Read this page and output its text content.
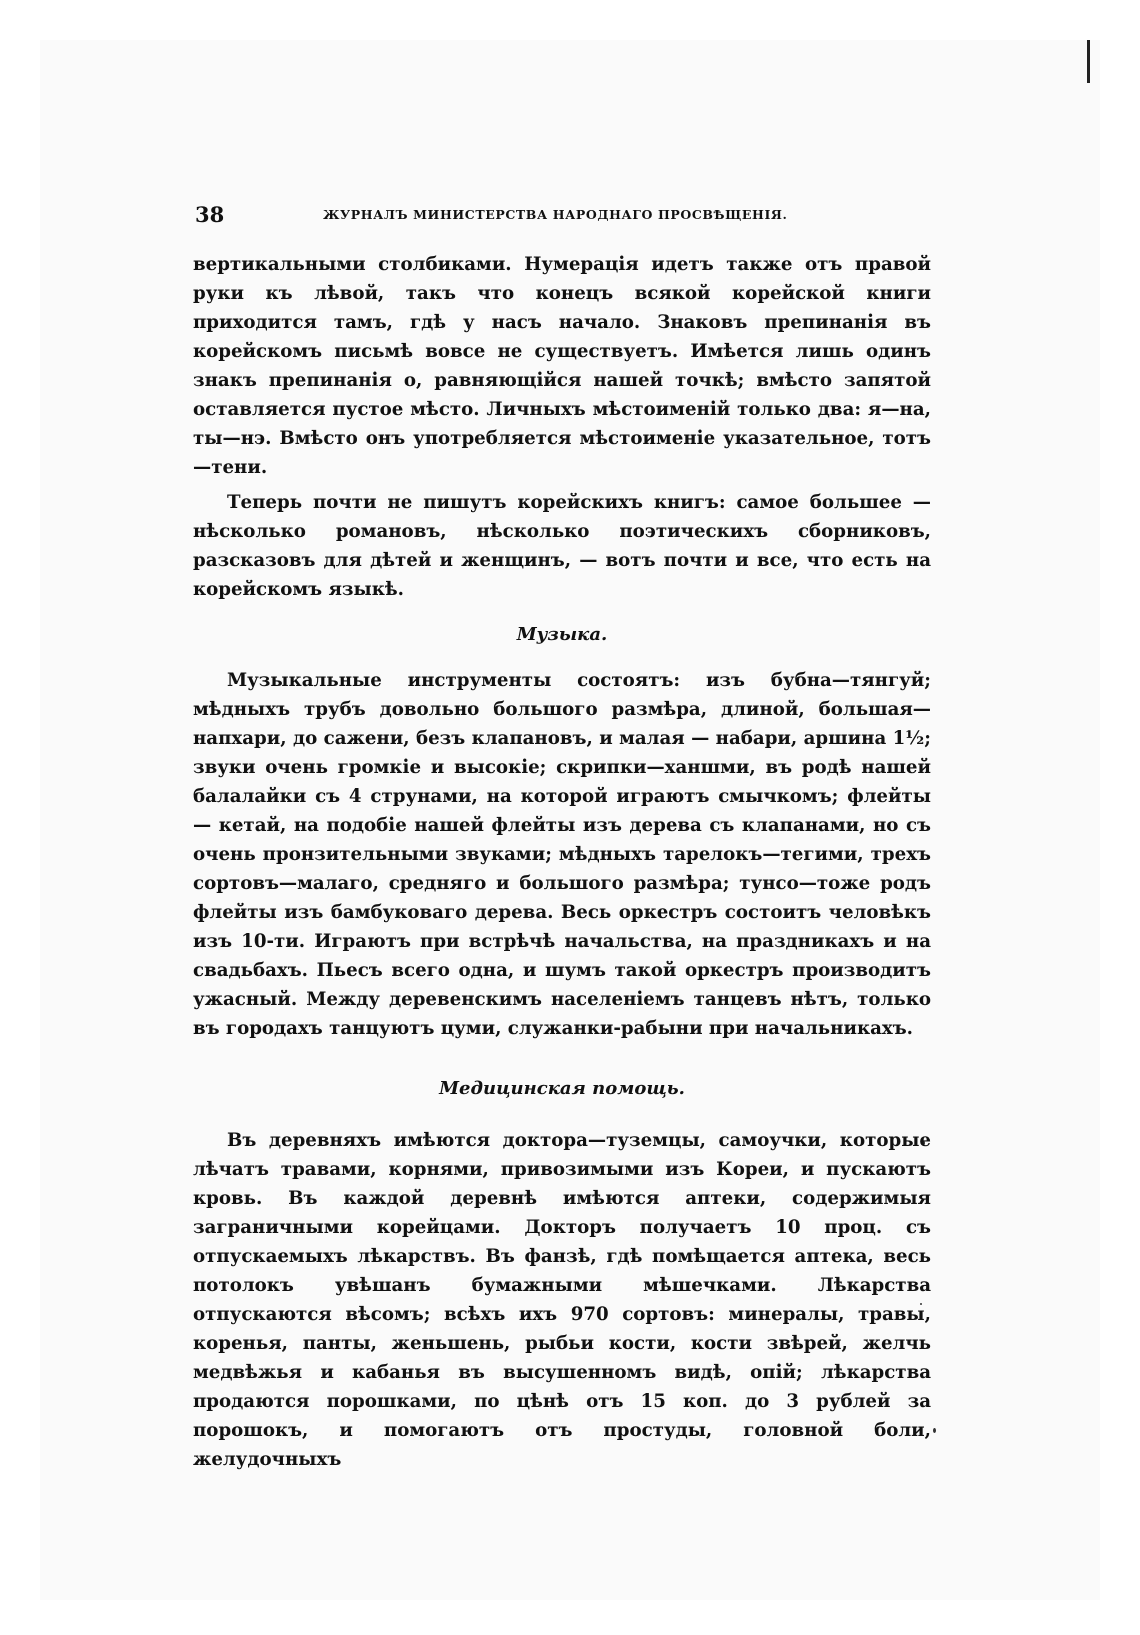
38	ЖУРНАЛЪ МИНИСТЕРСТВА НАРОДНАГО ПРОСВѢЩЕНІЯ.

вертикальными столбиками. Нумерація идетъ также отъ правой руки къ лѣвой, такъ что конецъ всякой корейской книги приходится тамъ, гдѣ у насъ начало. Знаковъ препинанія въ корейскомъ письмѣ вовсе не существуетъ. Имѣется лишь одинъ знакъ препинанія о, равняющійся нашей точкѣ; вмѣсто запятой оставляется пустое мѣсто. Личныхъ мѣстоименій только два: я—на, ты—нэ. Вмѣсто онъ употребляется мѣстоименіе указательное, тотъ—тени.

Теперь почти не пишутъ корейскихъ книгъ: самое большее — нѣсколько романовъ, нѣсколько поэтическихъ сборниковъ, разсказовъ для дѣтей и женщинъ, — вотъ почти и все, что есть на корейскомъ языкѣ.

Музыка.

Музыкальные инструменты состоятъ: изъ бубна—тянгуй; мѣдныхъ трубъ довольно большого размѣра, длиной, большая—напхари, до сажени, безъ клапановъ, и малая — набари, аршина 1½; звуки очень громкіе и высокіе; скрипки—ханшми, въ родѣ нашей балалайки съ 4 струнами, на которой играютъ смычкомъ; флейты — кетай, на подобіе нашей флейты изъ дерева съ клапанами, но съ очень пронзительными звуками; мѣдныхъ тарелокъ—тегими, трехъ сортовъ—малаго, средняго и большого размѣра; тунсо—тоже родъ флейты изъ бамбуковаго дерева. Весь оркестръ состоитъ человѣкъ изъ 10-ти. Играютъ при встрѣчѣ начальства, на праздникахъ и на свадьбахъ. Пьесъ всего одна, и шумъ такой оркестръ производитъ ужасный. Между деревенскимъ населеніемъ танцевъ нѣтъ, только въ городахъ танцуютъ цуми, служанки-рабыни при начальникахъ.

Медицинская помощь.

Въ деревняхъ имѣются доктора—туземцы, самоучки, которые лѣчатъ травами, корнями, привозимыми изъ Кореи, и пускаютъ кровь. Въ каждой деревнѣ имѣются аптеки, содержимыя заграничными корейцами. Докторъ получаетъ 10 проц. съ отпускаемыхъ лѣкарствъ. Въ фанзѣ, гдѣ помѣщается аптека, весь потолокъ увѣшанъ бумажными мѣшечками. Лѣкарства отпускаются вѣсомъ; всѣхъ ихъ 970 сортовъ: минералы, травы, коренья, панты, женьшень, рыбьи кости, кости звѣрей, желчь медвѣжья и кабанья въ высушенномъ видѣ, опій; лѣкарства продаются порошками, по цѣнѣ отъ 15 коп. до 3 рублей за порошокъ, и помогаютъ отъ простуды, головной боли, желудочныхъ
